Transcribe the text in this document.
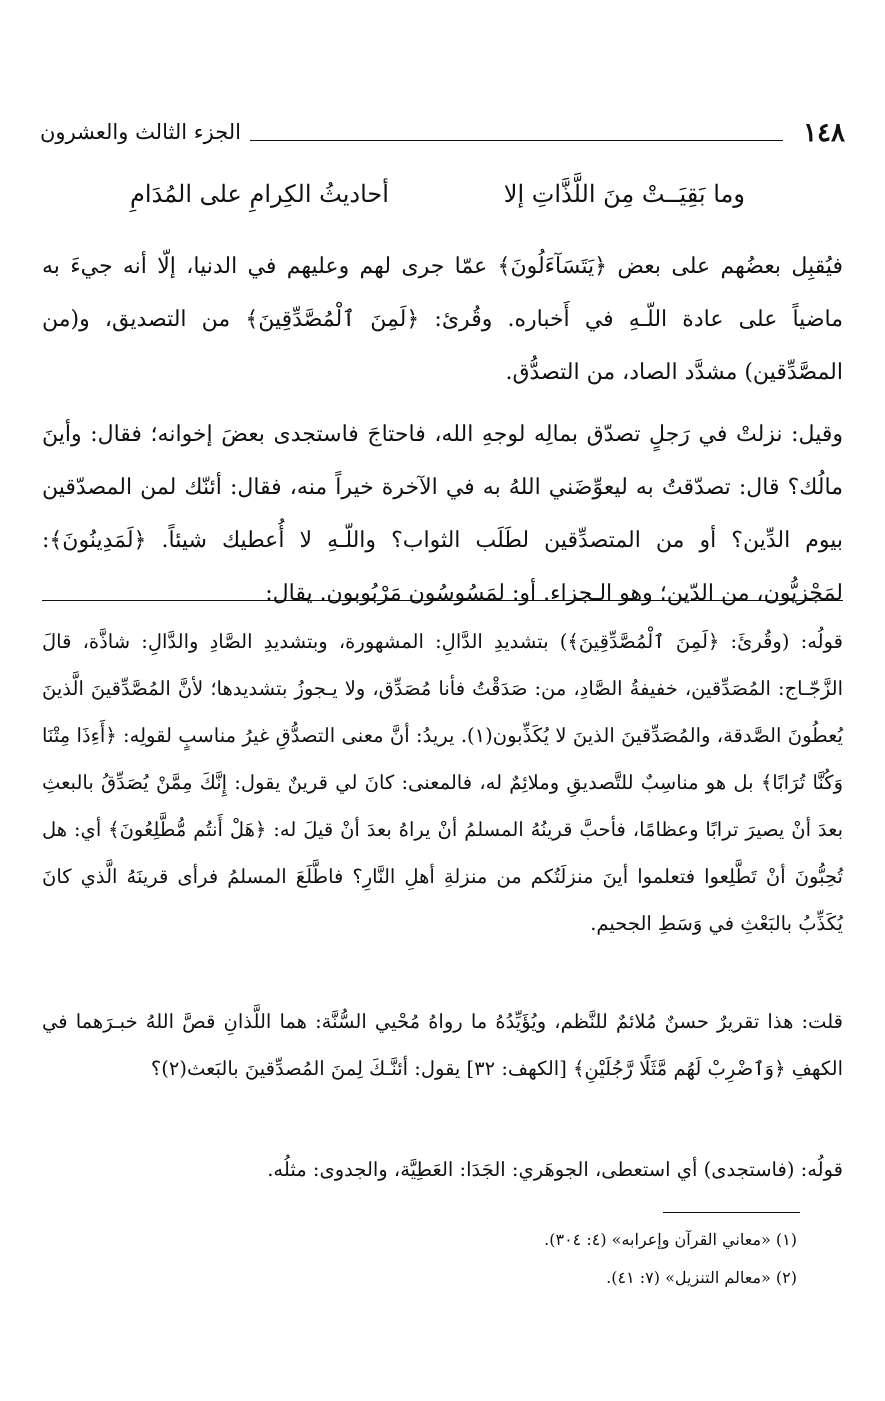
١٤٨
الجزء الثالث والعشرون
وما بَقِيَــتْ مِنَ اللَّذَّاتِ إلا
أحاديثُ الكِرامِ على المُدَامِ

فيُقبِل بعضُهم على بعض ﴿يَتَسَآءَلُونَ﴾ عمّا جرى لهم وعليهم في الدنيا، إلّا أنه جيءَ به ماضياً على عادة اللّـهِ في أَخباره. وقُرئ: ﴿لَمِنَ ٱلْمُصَّدِّقِينَ﴾ من التصديق، و(من المصَّدِّقين) مشدَّد الصاد، من التصدُّق.

وقيل: نزلتْ في رَجلٍ تصدّق بمالِه لوجهِ الله، فاحتاجَ فاستجدى بعضَ إخوانه؛ فقال: وأينَ مالُك؟ قال: تصدّقتُ به ليعوِّضَني اللهُ به في الآخرة خيراً منه، فقال: أئنّك لمن المصدّقين بيوم الدِّين؟ أو من المتصدِّقين لطَلَب الثواب؟ واللّـهِ لا أُعطيك شيئاً. ﴿لَمَدِينُونَ﴾: لمَجْزيُّون، من الدّين؛ وهو الـجزاء. أو: لمَسُوسُون مَرْبُوبون. يقال:

قولُه: (وقُرئَ: ﴿لَمِنَ ٱلْمُصَّدِّقِينَ﴾) بتشديدِ الدَّالِ: المشهورة، وبتشديدِ الصَّادِ والدَّالِ: شاذَّة، قالَ الزَّجّـاج: المُصَدِّقين، خفيفةُ الصَّادِ، من: صَدَقْتُ فأنا مُصَدِّق، ولا يـجوزُ بتشديدها؛ لأنَّ المُصَّدِّقينَ الَّذينَ يُعطُونَ الصَّدقة، والمُصَدِّقينَ الذينَ لا يُكَذِّبون(١). يريدُ: أنَّ معنى التصدُّقِ غيرُ مناسبٍ لقولِه: ﴿أَءِذَا مِتْنَا وَكُنَّا تُرَابًا﴾ بل هو مناسِبٌ للتَّصديقِ وملائِمٌ له، فالمعنى: كانَ لي قرينٌ يقول: إِنَّكَ مِمَّنْ يُصَدِّقُ بالبعثِ بعدَ أنْ يصيرَ ترابًا وعظامًا، فأحبَّ قرينُهُ المسلمُ أنْ يراهُ بعدَ أنْ قيلَ له: ﴿هَلْ أَنتُم مُّطَّلِعُونَ﴾ أي: هل تُحِبُّونَ أنْ تَطَّلِعوا فتعلموا أينَ منزلَتُكم من منزلةِ أهلِ النَّارِ؟ فاطَّلَعَ المسلمُ فرأى قرينَهُ الَّذي كانَ يُكَذِّبُ بالبَعْثِ في وَسَطِ الجحيم.

قلت: هذا تقريرٌ حسنٌ مُلائمٌ للنَّظم، ويُؤَيِّدُهُ ما رواهُ مُحْيي السُّنَّة: هما اللَّذانِ قصَّ اللهُ خبـرَهما في الكهفِ ﴿وَٱضْرِبْ لَهُم مَّثَلًا رَّجُلَيْنِ﴾ [الكهف: ٣٢] يقول: أئنَّـكَ لِمنَ المُصدِّقينَ بالبَعث(٢)؟

قولُه: (فاستجدى) أي استعطى، الجوهَري: الجَدَا: العَطِيَّة، والجدوى: مثلُه.

(١) «معاني القرآن وإعرابه» (٤: ٣٠٤).

(٢) «معالم التنزيل» (٧: ٤١).
